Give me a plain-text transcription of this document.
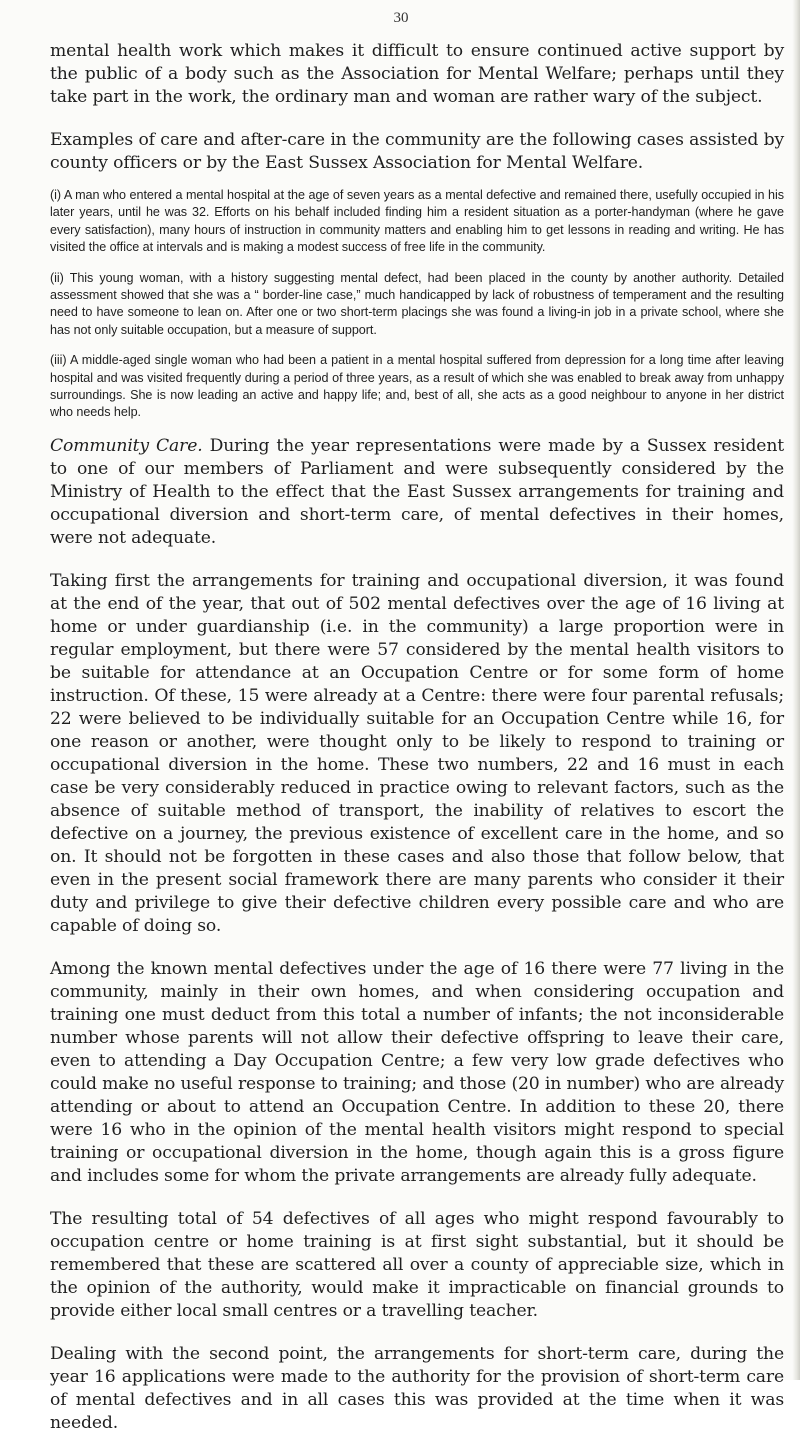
30

mental health work which makes it difficult to ensure continued active support by the public of a body such as the Association for Mental Welfare; perhaps until they take part in the work, the ordinary man and woman are rather wary of the subject.

Examples of care and after-care in the community are the following cases assisted by county officers or by the East Sussex Association for Mental Welfare.

(i) A man who entered a mental hospital at the age of seven years as a mental defective and remained there, usefully occupied in his later years, until he was 32. Efforts on his behalf included finding him a resident situation as a porter-handyman (where he gave every satisfaction), many hours of instruction in community matters and enabling him to get lessons in reading and writing. He has visited the office at intervals and is making a modest success of free life in the community.

(ii) This young woman, with a history suggesting mental defect, had been placed in the county by another authority. Detailed assessment showed that she was a “ border-line case,” much handicapped by lack of robustness of temperament and the resulting need to have someone to lean on. After one or two short-term placings she was found a living-in job in a private school, where she has not only suitable occupation, but a measure of support.

(iii) A middle-aged single woman who had been a patient in a mental hospital suffered from depression for a long time after leaving hospital and was visited frequently during a period of three years, as a result of which she was enabled to break away from unhappy surroundings. She is now leading an active and happy life; and, best of all, she acts as a good neighbour to anyone in her district who needs help.

Community Care. During the year representations were made by a Sussex resident to one of our members of Parliament and were subsequently considered by the Ministry of Health to the effect that the East Sussex arrangements for training and occupational diversion and short-term care, of mental defectives in their homes, were not adequate.

Taking first the arrangements for training and occupational diversion, it was found at the end of the year, that out of 502 mental defectives over the age of 16 living at home or under guardianship (i.e. in the community) a large proportion were in regular employment, but there were 57 considered by the mental health visitors to be suitable for attendance at an Occupation Centre or for some form of home instruction. Of these, 15 were already at a Centre: there were four parental refusals; 22 were believed to be individually suitable for an Occupation Centre while 16, for one reason or another, were thought only to be likely to respond to training or occupational diversion in the home. These two numbers, 22 and 16 must in each case be very considerably reduced in practice owing to relevant factors, such as the absence of suitable method of transport, the inability of relatives to escort the defective on a journey, the previous existence of excellent care in the home, and so on. It should not be forgotten in these cases and also those that follow below, that even in the present social framework there are many parents who consider it their duty and privilege to give their defective children every possible care and who are capable of doing so.

Among the known mental defectives under the age of 16 there were 77 living in the community, mainly in their own homes, and when considering occupation and training one must deduct from this total a number of infants; the not inconsiderable number whose parents will not allow their defective offspring to leave their care, even to attending a Day Occupation Centre; a few very low grade defectives who could make no useful response to training; and those (20 in number) who are already attending or about to attend an Occupation Centre. In addition to these 20, there were 16 who in the opinion of the mental health visitors might respond to special training or occupational diversion in the home, though again this is a gross figure and includes some for whom the private arrangements are already fully adequate.

The resulting total of 54 defectives of all ages who might respond favourably to occupation centre or home training is at first sight substantial, but it should be remembered that these are scattered all over a county of appreciable size, which in the opinion of the authority, would make it impracticable on financial grounds to provide either local small centres or a travelling teacher.

Dealing with the second point, the arrangements for short-term care, during the year 16 applications were made to the authority for the provision of short-term care of mental defectives and in all cases this was provided at the time when it was needed.
